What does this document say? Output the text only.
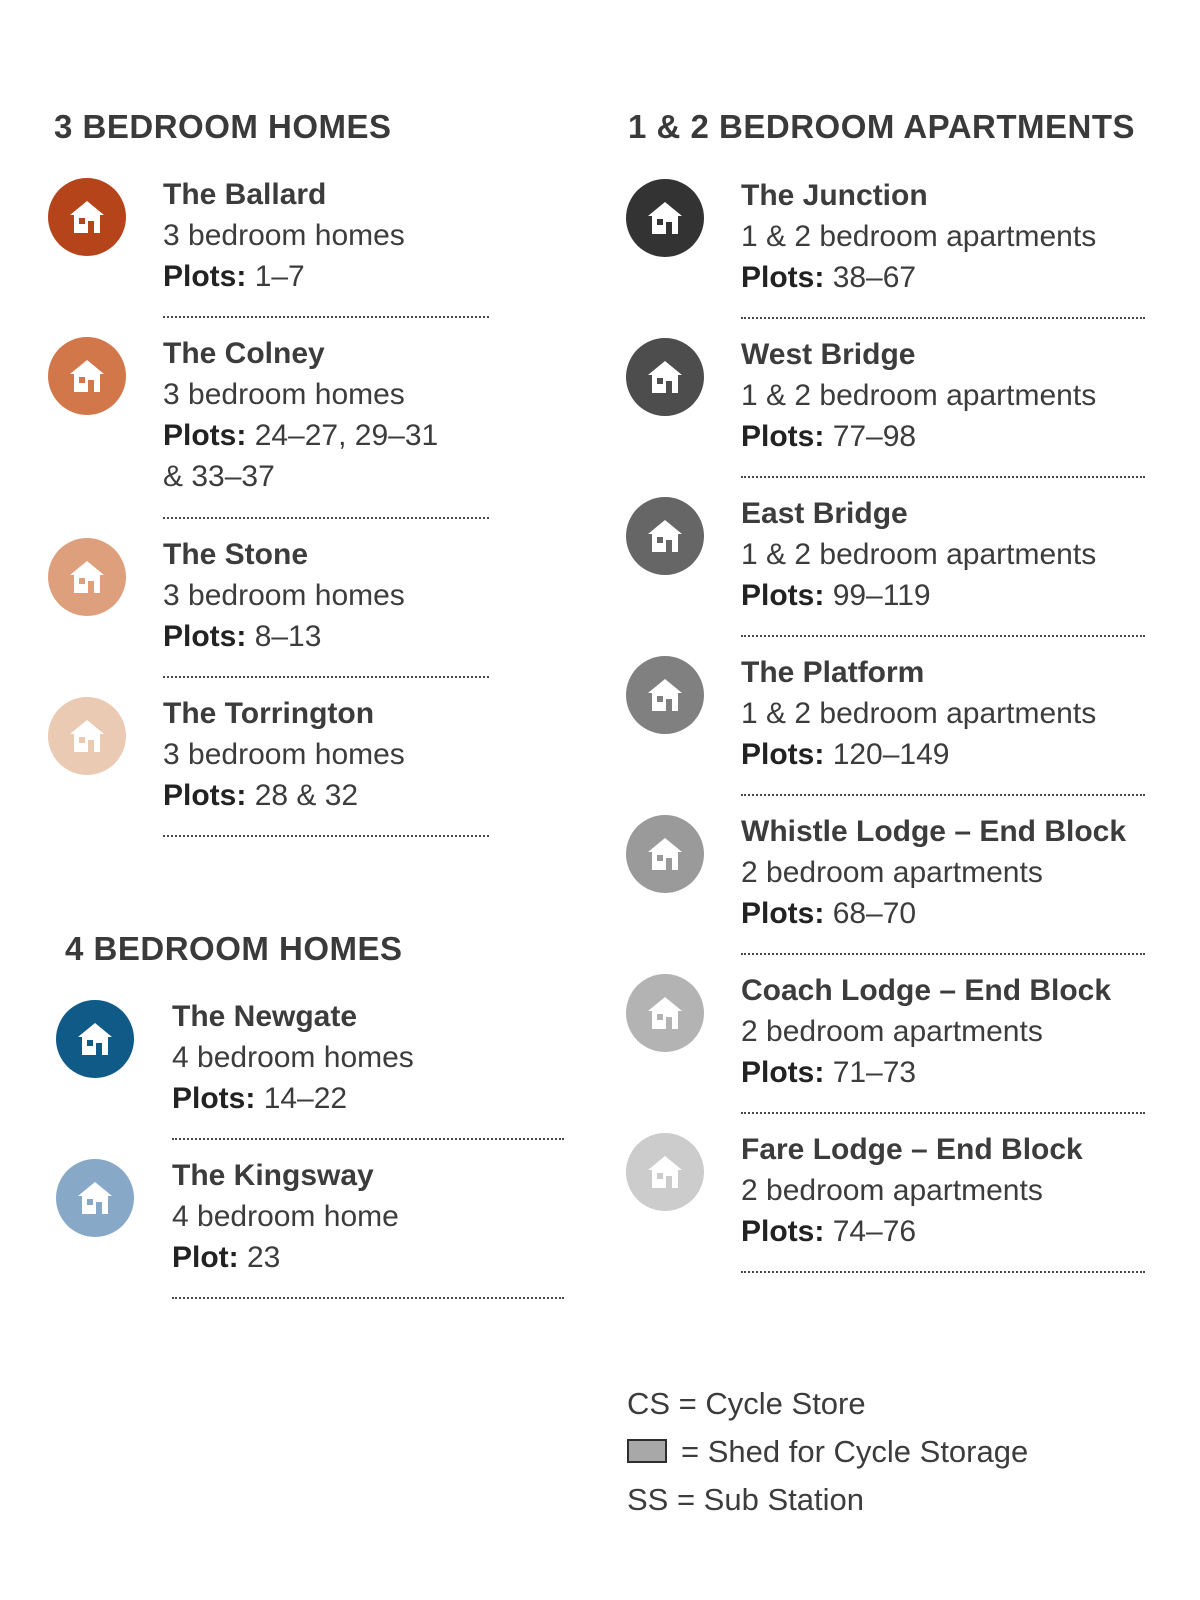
3 BEDROOM HOMES	1 & 2 BEDROOM APARTMENTS
4 BEDROOM HOMES
The Ballard
3 bedroom homes
Plots: 1–7
The Colney
3 bedroom homes
Plots: 24–27, 29–31
& 33–37
The Stone
3 bedroom homes
Plots: 8–13
The Torrington
3 bedroom homes
Plots: 28 & 32
The Newgate
4 bedroom homes
Plots: 14–22
The Kingsway
4 bedroom home
Plot: 23
The Junction
1 & 2 bedroom apartments
Plots: 38–67
West Bridge
1 & 2 bedroom apartments
Plots: 77–98
East Bridge
1 & 2 bedroom apartments
Plots: 99–119
The Platform
1 & 2 bedroom apartments
Plots: 120–149
Whistle Lodge – End Block
2 bedroom apartments
Plots: 68–70
Coach Lodge – End Block
2 bedroom apartments
Plots: 71–73
Fare Lodge – End Block
2 bedroom apartments
Plots: 74–76
CS = Cycle Store
= Shed for Cycle Storage
SS = Sub Station
